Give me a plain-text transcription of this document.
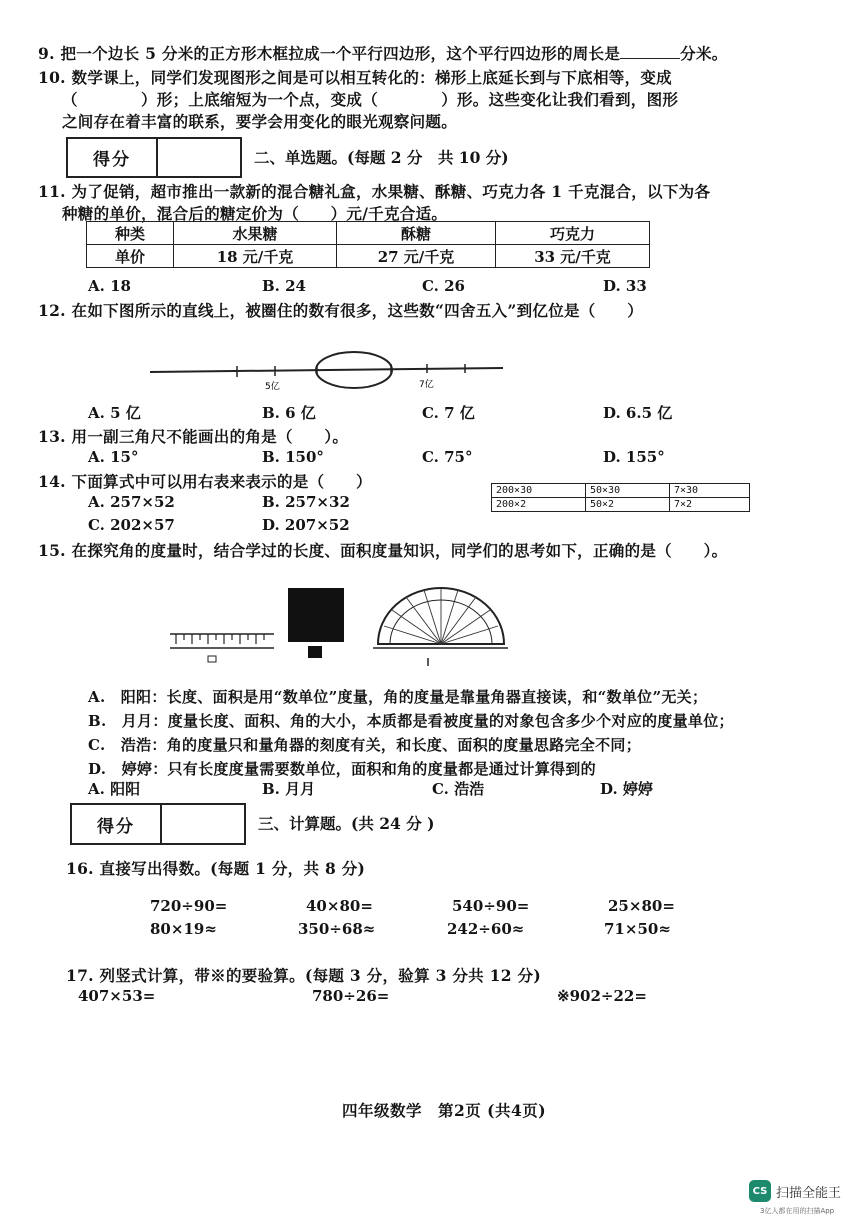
9. 把一个边长 5 分米的正方形木框拉成一个平行四边形，这个平行四边形的周长是	分米。
10. 数学课上，同学们发现图形之间是可以相互转化的：梯形上底延长到与下底相等，变成
（　　　　）形；上底缩短为一个点，变成（　　　　）形。这些变化让我们看到，图形
之间存在着丰富的联系，要学会用变化的眼光观察问题。
得分	二、单选题。(每题 2 分　共 10 分)
11. 为了促销，超市推出一款新的混合糖礼盒，水果糖、酥糖、巧克力各 1 千克混合，以下为各
种糖的单价，混合后的糖定价为（　　）元/千克合适。
种类	水果糖	酥糖	巧克力
单价	18 元/千克	27 元/千克	33 元/千克
A. 18	B. 24	C. 26	D. 33
12. 在如下图所示的直线上，被圈住的数有很多，这些数“四舍五入”到亿位是（　　）
5亿	7亿
A. 5 亿	B. 6 亿	C. 7 亿	D. 6.5 亿
13. 用一副三角尺不能画出的角是（　　）。
A. 15°	B. 150°	C. 75°	D. 155°
14. 下面算式中可以用右表来表示的是（　　）
A. 257×52	B. 257×32
C. 202×57	D. 207×52
200×30	50×30	7×30
200×2	50×2	7×2
15. 在探究角的度量时，结合学过的长度、面积度量知识，同学们的思考如下，正确的是（　　）。
A.　阳阳：长度、面积是用“数单位”度量，角的度量是靠量角器直接读，和“数单位”无关；
B.　月月：度量长度、面积、角的大小，本质都是看被度量的对象包含多少个对应的度量单位；
C.　浩浩：角的度量只和量角器的刻度有关，和长度、面积的度量思路完全不同；
D.　婷婷：只有长度度量需要数单位，面积和角的度量都是通过计算得到的
A. 阳阳	B. 月月	C. 浩浩	D. 婷婷
得分	三、计算题。(共 24 分 )
16. 直接写出得数。(每题 1 分，共 8 分)
720÷90=	40×80=	540÷90=	25×80=
80×19≈	350÷68≈	242÷60≈	71×50≈
17. 列竖式计算，带※的要验算。(每题 3 分，验算 3 分共 12 分)
407×53=	780÷26=	※902÷22=
四年级数学　第2页 (共4页)
CS 扫描全能王
3亿人都在用的扫描App
